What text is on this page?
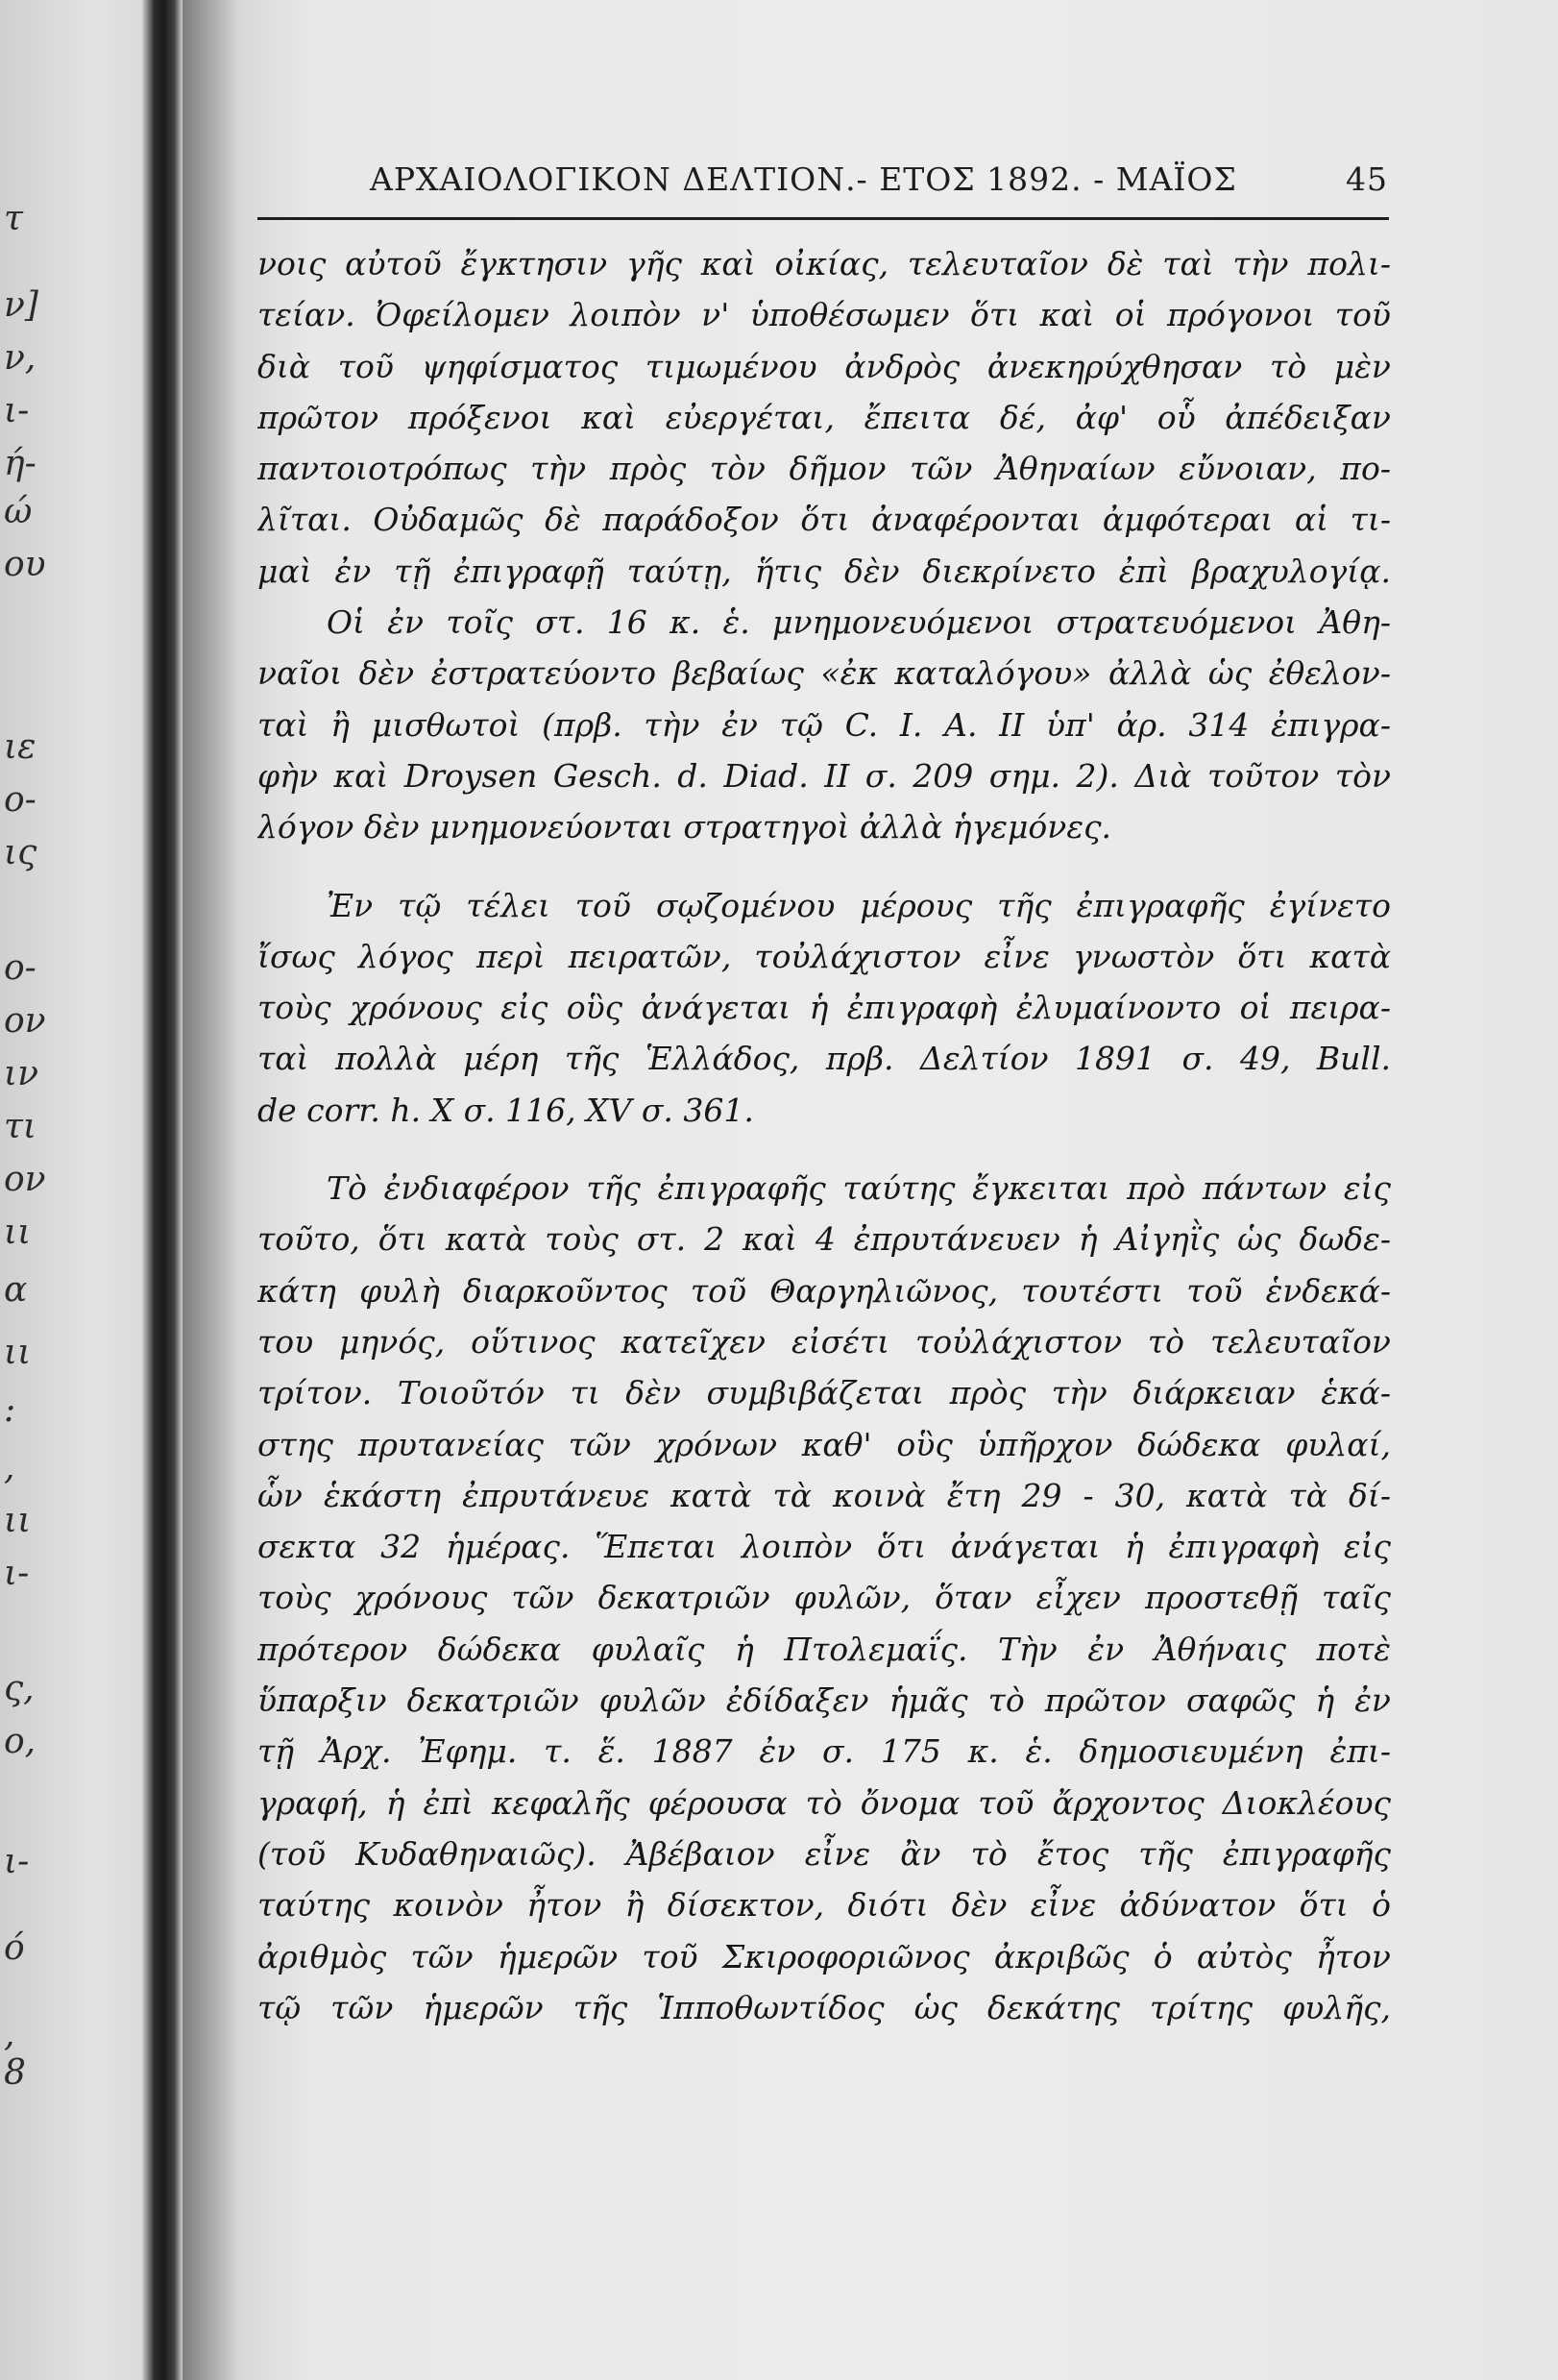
τ
ν]
ν,
ι-
ή-
ώ
ου
ιε
ο-
ις
ο-
ον
ιν
τι
ον
ιι
α
ιι
:
,
ιι
ι-
ς,
ο,
ι-
ό
,
8
ΑΡΧΑΙΟΛΟΓΙΚΟΝ ΔΕΛΤΙΟΝ.- ΕΤΟΣ 1892. - ΜΑΪΟΣ	45
νοις αὐτοῦ ἔγκτησιν γῆς καὶ οἰκίας, τελευταῖον δὲ ταὶ τὴν πολι-
τείαν. Ὀφείλομεν λοιπὸν ν' ὑποθέσωμεν ὅτι καὶ οἱ πρόγονοι τοῦ
διὰ τοῦ ψηφίσματος τιμωμένου ἀνδρὸς ἀνεκηρύχθησαν τὸ μὲν
πρῶτον πρόξενοι καὶ εὐεργέται, ἔπειτα δέ, ἀφ' οὗ ἀπέδειξαν
παντοιοτρόπως τὴν πρὸς τὸν δῆμον τῶν Ἀθηναίων εὔνοιαν, πο-
λῖται. Οὐδαμῶς δὲ παράδοξον ὅτι ἀναφέρονται ἀμφότεραι αἱ τι-
μαὶ ἐν τῇ ἐπιγραφῇ ταύτῃ, ἥτις δὲν διεκρίνετο ἐπὶ βραχυλογίᾳ.
Οἱ ἐν τοῖς στ. 16 κ. ἑ. μνημονευόμενοι στρατευόμενοι Ἀθη-
ναῖοι δὲν ἐστρατεύοντο βεβαίως «ἐκ καταλόγου» ἀλλὰ ὡς ἐθελον-
ταὶ ἢ μισθωτοὶ (πρβ. τὴν ἐν τῷ C. I. A. II ὑπ' ἀρ. 314 ἐπιγρα-
φὴν καὶ Droysen Gesch. d. Diad. II σ. 209 σημ. 2). Διὰ τοῦτον τὸν
λόγον δὲν μνημονεύονται στρατηγοὶ ἀλλὰ ἡγεμόνες.
Ἐν τῷ τέλει τοῦ σῳζομένου μέρους τῆς ἐπιγραφῆς ἐγίνετο
ἴσως λόγος περὶ πειρατῶν, τοὐλάχιστον εἶνε γνωστὸν ὅτι κατὰ
τοὺς χρόνους εἰς οὓς ἀνάγεται ἡ ἐπιγραφὴ ἐλυμαίνοντο οἱ πειρα-
ταὶ πολλὰ μέρη τῆς Ἑλλάδος, πρβ. Δελτίον 1891 σ. 49, Bull.
de corr. h. X σ. 116, XV σ. 361.
Τὸ ἐνδιαφέρον τῆς ἐπιγραφῆς ταύτης ἔγκειται πρὸ πάντων εἰς
τοῦτο, ὅτι κατὰ τοὺς στ. 2 καὶ 4 ἐπρυτάνευεν ἡ Αἰγηῒς ὡς δωδε-
κάτη φυλὴ διαρκοῦντος τοῦ Θαργηλιῶνος, τουτέστι τοῦ ἑνδεκά-
του μηνός, οὕτινος κατεῖχεν εἰσέτι τοὐλάχιστον τὸ τελευταῖον
τρίτον. Τοιοῦτόν τι δὲν συμβιβάζεται πρὸς τὴν διάρκειαν ἑκά-
στης πρυτανείας τῶν χρόνων καθ' οὓς ὑπῆρχον δώδεκα φυλαί,
ὧν ἑκάστη ἐπρυτάνευε κατὰ τὰ κοινὰ ἔτη 29 - 30, κατὰ τὰ δί-
σεκτα 32 ἡμέρας. Ἕπεται λοιπὸν ὅτι ἀνάγεται ἡ ἐπιγραφὴ εἰς
τοὺς χρόνους τῶν δεκατριῶν φυλῶν, ὅταν εἶχεν προστεθῇ ταῖς
πρότερον δώδεκα φυλαῖς ἡ Πτολεμαΐς. Τὴν ἐν Ἀθήναις ποτὲ
ὕπαρξιν δεκατριῶν φυλῶν ἐδίδαξεν ἡμᾶς τὸ πρῶτον σαφῶς ἡ ἐν
τῇ Ἀρχ. Ἐφημ. τ. ἕ. 1887 ἐν σ. 175 κ. ἑ. δημοσιευμένη ἐπι-
γραφή, ἡ ἐπὶ κεφαλῆς φέρουσα τὸ ὄνομα τοῦ ἄρχοντος Διοκλέους
(τοῦ Κυδαθηναιῶς). Ἀβέβαιον εἶνε ἂν τὸ ἔτος τῆς ἐπιγραφῆς
ταύτης κοινὸν ἦτον ἢ δίσεκτον, διότι δὲν εἶνε ἀδύνατον ὅτι ὁ
ἀριθμὸς τῶν ἡμερῶν τοῦ Σκιροφοριῶνος ἀκριβῶς ὁ αὐτὸς ἦτον
τῷ τῶν ἡμερῶν τῆς Ἱπποθωντίδος ὡς δεκάτης τρίτης φυλῆς,
